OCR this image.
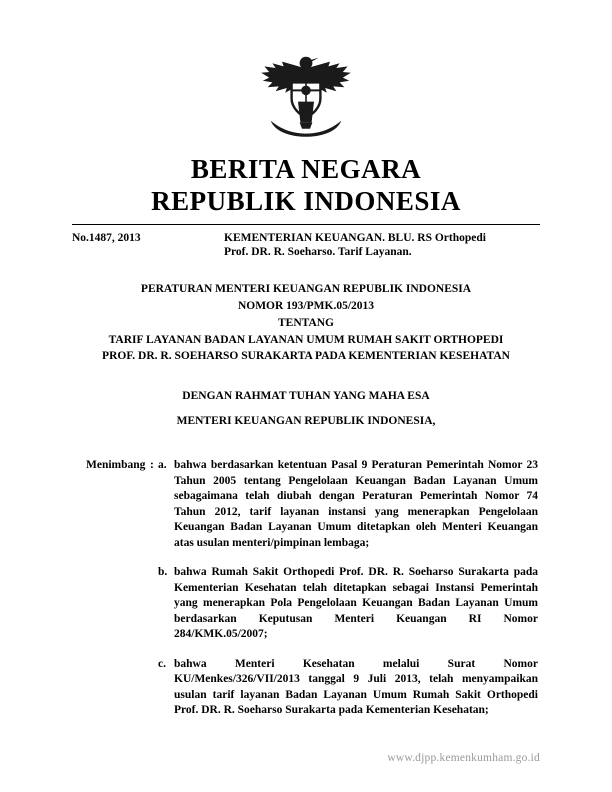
BERITA NEGARA
REPUBLIK INDONESIA
No.1487, 2013	KEMENTERIAN KEUANGAN. BLU. RS Orthopedi
Prof. DR. R. Soeharso. Tarif Layanan.
PERATURAN MENTERI KEUANGAN REPUBLIK INDONESIA
NOMOR 193/PMK.05/2013
TENTANG
TARIF LAYANAN BADAN LAYANAN UMUM RUMAH SAKIT ORTHOPEDI
PROF. DR. R. SOEHARSO SURAKARTA PADA KEMENTERIAN KESEHATAN
DENGAN RAHMAT TUHAN YANG MAHA ESA
MENTERI KEUANGAN REPUBLIK INDONESIA,
Menimbang : a. bahwa berdasarkan ketentuan Pasal 9 Peraturan Pemerintah Nomor 23 Tahun 2005 tentang Pengelolaan Keuangan Badan Layanan Umum sebagaimana telah diubah dengan Peraturan Pemerintah Nomor 74 Tahun 2012, tarif layanan instansi yang menerapkan Pengelolaan Keuangan Badan Layanan Umum ditetapkan oleh Menteri Keuangan atas usulan menteri/pimpinan lembaga;
b. bahwa Rumah Sakit Orthopedi Prof. DR. R. Soeharso Surakarta pada Kementerian Kesehatan telah ditetapkan sebagai Instansi Pemerintah yang menerapkan Pola Pengelolaan Keuangan Badan Layanan Umum berdasarkan Keputusan Menteri Keuangan RI Nomor 284/KMK.05/2007;
c. bahwa Menteri Kesehatan melalui Surat Nomor KU/Menkes/326/VII/2013 tanggal 9 Juli 2013, telah menyampaikan usulan tarif layanan Badan Layanan Umum Rumah Sakit Orthopedi Prof. DR. R. Soeharso Surakarta pada Kementerian Kesehatan;
www.djpp.kemenkumham.go.id
